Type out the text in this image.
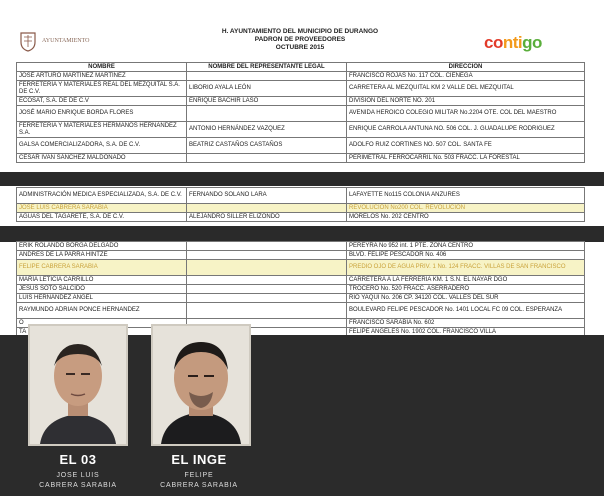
AYUNTAMIENTO
H. AYUNTAMIENTO DEL MUNICIPIO DE DURANGO
PADRON DE PROVEEDORES
OCTUBRE 2015	contigo
NOMBRE	NOMBRE DEL REPRESENTANTE LEGAL	DIRECCIÓN
JOSÉ ARTURO MARTÍNEZ MARTÍNEZ		FRANCISCO ROJAS No. 117 COL. CIENEGA
FERRETERÍA Y MATERIALES REAL DEL MEZQUITAL S.A. DE C.V.	LIBORIO AYALA LEÓN	CARRETERA AL MEZQUITAL KM 2 VALLE DEL MEZQUITAL
ECOSAT, S.A. DE DE C.V	ENRIQUE BACHIR LASO	DIVISIÓN DEL NORTE NO. 201
JOSÉ MARIO ENRIQUE BORDA FLORES		AVENIDA HEROICO COLEGIO MILITAR No.2204 OTE. COL DEL MAESTRO
FERRETERIA Y MATERIALES HERMANOS HERNANDEZ S.A.	ANTONIO HERNÁNDEZ VAZQUEZ	ENRIQUE CARROLA ANTUNA NO. 506 COL. J. GUADALUPE RODRIGUEZ
GALSA COMERCIALIZADORA, S.A. DE C.V.	BEATRIZ CASTAÑOS CASTAÑOS	ADOLFO RUIZ CORTINES NO. 507 COL. SANTA FE
CESAR IVAN SÁNCHEZ MALDONADO		PERIMETRAL FERROCARRIL No. 503 FRACC. LA FORESTAL
ADMINISTRACIÓN MEDICA ESPECIALIZADA, S.A. DE C.V.	FERNANDO SOLANO LARA	LAFAYETTE No115 COLONIA ANZURES
JOSE LUIS CABRERA SARABIA		REVOLUCIÓN No200 COL. REVOLUCION
AGUAS DEL TAGARETE, S.A. DE C.V.	ALEJANDRO SILLER ELIZONDO	MORELOS No. 202 CENTRO
ERIK ROLANDO BORGA DELGADO		PEREYRA No 952 int. 1 PTE. ZONA CENTRO
ANDRES DE LA PARRA HINTZE		BLVD. FELIPE PESCADOR No. 406
FELIPE CABRERA SARABIA		PREDIO OJO DE AGUA PRIV. 1 No. 124 FRACC. VILLAS DE SAN FRANCISCO
MARÍA LETICIA CARRILLO		CARRETERA A LA FERRERIA KM. 1 S.N. EL NAYAR DGO
JESUS SOTO SALCIDO		TROCERO No. 520 FRACC. ASERRADERO
LUIS HERNÁNDEZ ANGEL		RIO YAQUI No. 206 CP. 34120 COL. VALLES DEL SUR
RAYMUNDO ADRIAN PONCE HERNANDEZ		BOULEVARD FELIPE PESCADOR No. 1401 LOCAL FC 09 COL. ESPERANZA
O		FRANCISCO SARABIA No. 602
TA		FELIPE ANGELES No. 1902 COL. FRANCISCO VILLA

EL 03
JOSE LUIS
CABRERA SARABIA
EL INGE
FELIPE
CABRERA SARABIA
